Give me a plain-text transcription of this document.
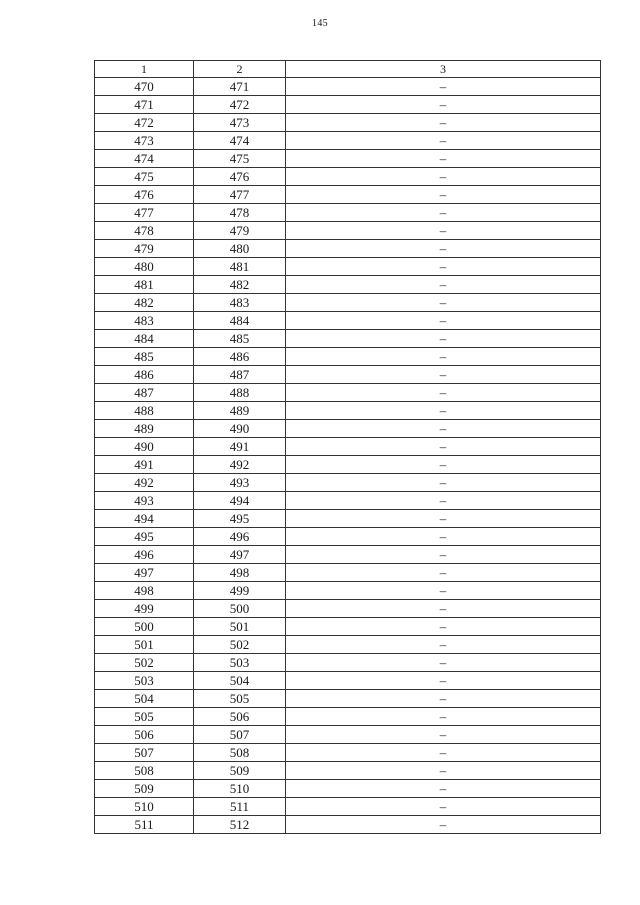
145
1	2	3
470	471	–
471	472	–
472	473	–
473	474	–
474	475	–
475	476	–
476	477	–
477	478	–
478	479	–
479	480	–
480	481	–
481	482	–
482	483	–
483	484	–
484	485	–
485	486	–
486	487	–
487	488	–
488	489	–
489	490	–
490	491	–
491	492	–
492	493	–
493	494	–
494	495	–
495	496	–
496	497	–
497	498	–
498	499	–
499	500	–
500	501	–
501	502	–
502	503	–
503	504	–
504	505	–
505	506	–
506	507	–
507	508	–
508	509	–
509	510	–
510	511	–
511	512	–
